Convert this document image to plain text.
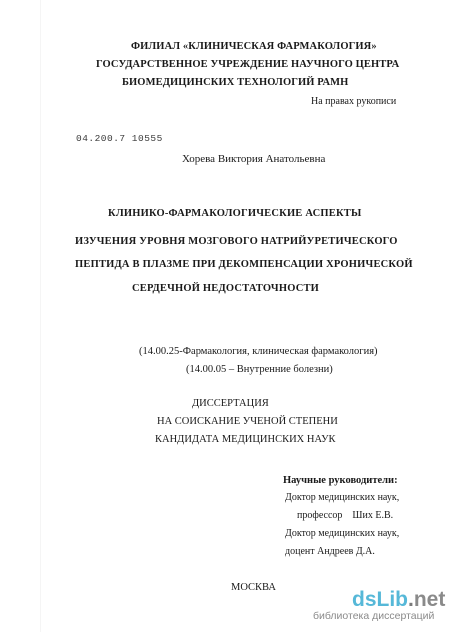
ФИЛИАЛ «КЛИНИЧЕСКАЯ ФАРМАКОЛОГИЯ»
ГОСУДАРСТВЕННОЕ УЧРЕЖДЕНИЕ НАУЧНОГО ЦЕНТРА
БИОМЕДИЦИНСКИХ ТЕХНОЛОГИЙ РАМН
На правах рукописи
04.200.7 10555
Хорева Виктория Анатольевна
КЛИНИКО-ФАРМАКОЛОГИЧЕСКИЕ АСПЕКТЫ
ИЗУЧЕНИЯ УРОВНЯ МОЗГОВОГО НАТРИЙУРЕТИЧЕСКОГО
ПЕПТИДА В ПЛАЗМЕ ПРИ ДЕКОМПЕНСАЦИИ ХРОНИЧЕСКОЙ
СЕРДЕЧНОЙ НЕДОСТАТОЧНОСТИ
(14.00.25-Фармакология, клиническая фармакология)
(14.00.05 – Внутренние болезни)
ДИССЕРТАЦИЯ
НА СОИСКАНИЕ УЧЕНОЙ СТЕПЕНИ
КАНДИДАТА МЕДИЦИНСКИХ НАУК
Научные руководители:
Доктор медицинских наук,
профессор    Ших Е.В.
Доктор медицинских наук,
доцент Андреев Д.А.
МОСКВА
dsLib.net
библиотека диссертаций
